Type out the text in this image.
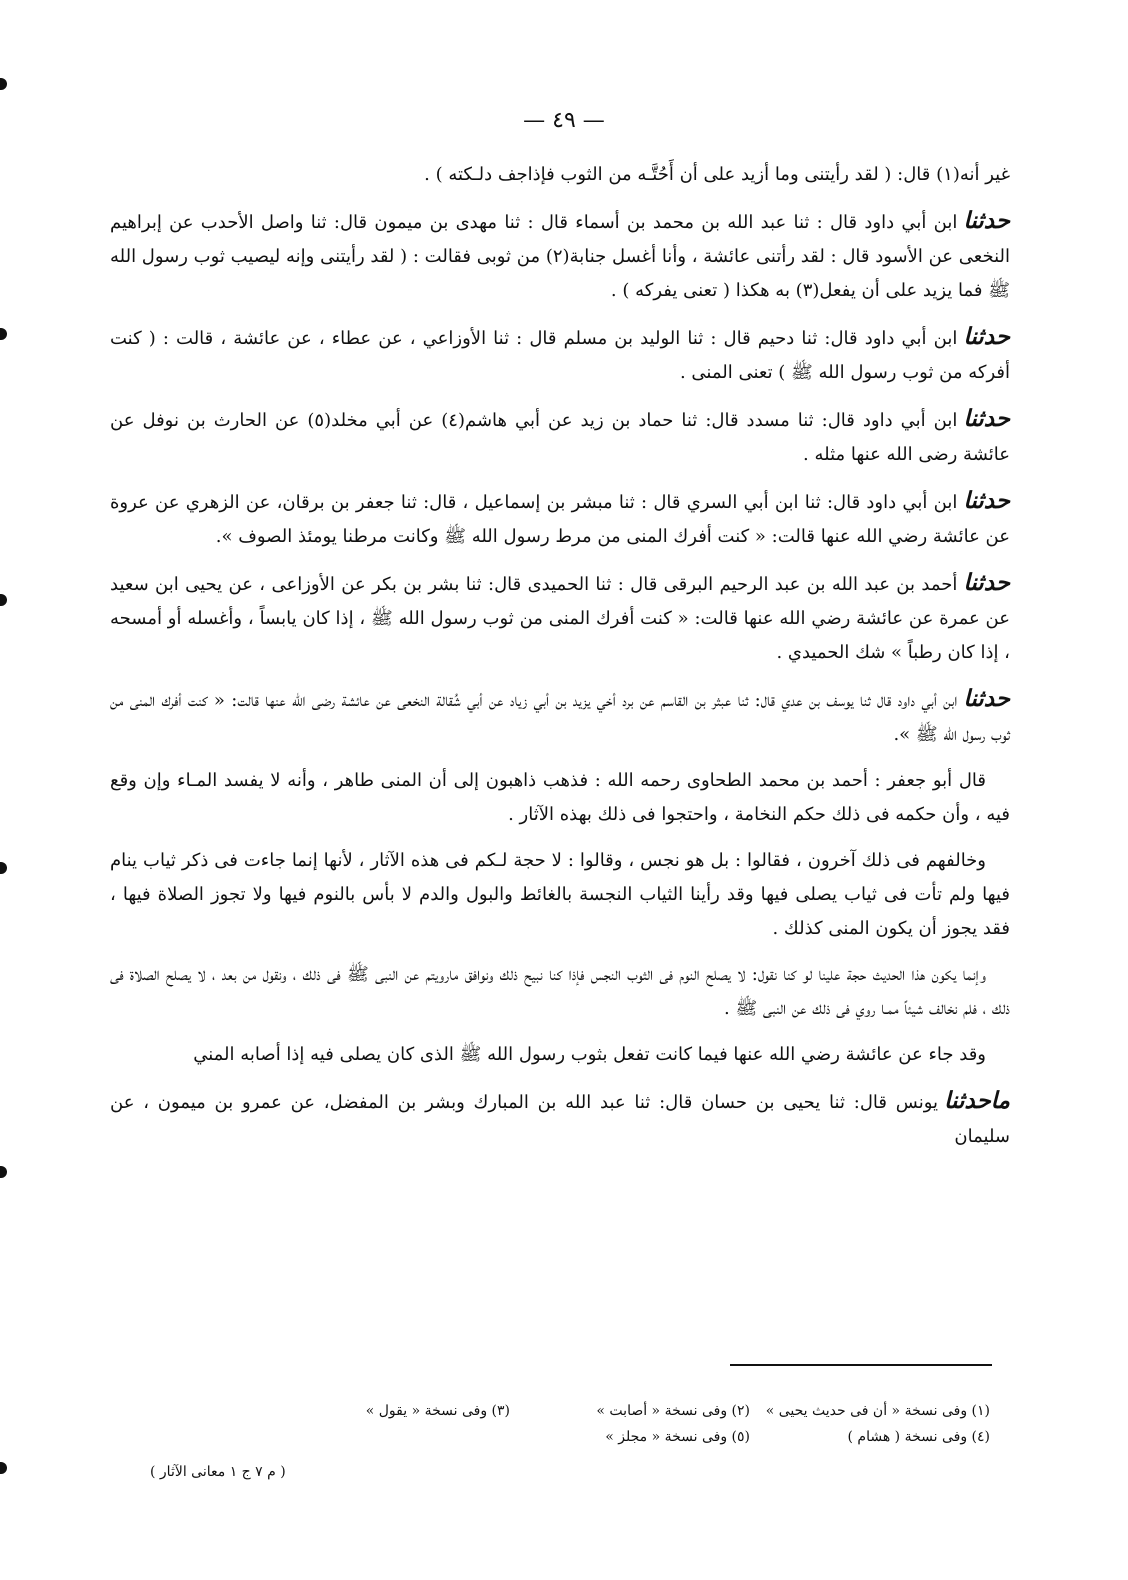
— ٤٩ —

غير أنه(١) قال: ( لقد رأيتنى وما أزيد على أن أَحُتَّـه من الثوب فإذاجف دلـكته ) .

حدثناابن أبي داود قال : ثنا عبد الله بن محمد بن أسماء قال : ثنا مهدى بن ميمون قال: ثنا واصل الأحدب عن إبراهيم النخعى عن الأسود قال : لقد رأتنى عائشة ، وأنا أغسل جنابة(٢) من ثوبى فقالت : ( لقد رأيتنى وإنه ليصيب ثوب رسول الله ﷺ فما يزيد على أن يفعل(٣) به هكذا ( تعنى يفركه ) .

حدثناابن أبي داود قال: ثنا دحيم قال : ثنا الوليد بن مسلم قال : ثنا الأوزاعي ، عن عطاء ، عن عائشة ، قالت : ( كنت أفركه من ثوب رسول الله ﷺ ) تعنى المنى .

حدثناابن أبي داود قال: ثنا مسدد قال: ثنا حماد بن زيد عن أبي هاشم(٤) عن أبي مخلد(٥) عن الحارث بن نوفل عن عائشة رضى الله عنها مثله .

حدثناابن أبي داود قال: ثنا ابن أبي السري قال : ثنا مبشر بن إسماعيل ، قال: ثنا جعفر بن برقان، عن الزهري عن عروة عن عائشة رضي الله عنها قالت: « كنت أفرك المنى من مرط رسول الله ﷺ وكانت مرطنا يومئذ الصوف ».

حدثناأحمد بن عبد الله بن عبد الرحيم البرقى قال : ثنا الحميدى قال: ثنا بشر بن بكر عن الأوزاعى ، عن يحيى ابن سعيد عن عمرة عن عائشة رضي الله عنها قالت: « كنت أفرك المنى من ثوب رسول الله ﷺ ، إذا كان يابساً ، وأغسله أو أمسحه ، إذا كان رطباً » شك الحميدي .

حدثناابن أبي داود قال ثنا يوسف بن عدي قال: ثنا عبثر بن القاسم عن برد أخي يزيد بن أبي زياد عن أبي شُقالة النخعى عن عائشة رضى الله عنها قالت: « كنت أفرك المنى من ثوب رسول الله ﷺ ».

قال أبو جعفر : أحمد بن محمد الطحاوى رحمه الله : فذهب ذاهبون إلى أن المنى طاهر ، وأنه لا يفسد المـاء وإن وقع فيه ، وأن حكمه فى ذلك حكم النخامة ، واحتجوا فى ذلك بهذه الآثار .

وخالفهم فى ذلك آخرون ، فقالوا : بل هو نجس ، وقالوا : لا حجة لـكم فى هذه الآثار ، لأنها إنما جاءت فى ذكر ثياب ينام فيها ولم تأت فى ثياب يصلى فيها وقد رأينا الثياب النجسة بالغائط والبول والدم لا بأس بالنوم فيها ولا تجوز الصلاة فيها ، فقد يجوز أن يكون المنى كذلك .

وإنما يكون هذا الحديث حجة علينا لو كنا نقول: لا يصلح النوم فى الثوب النجس فإذا كنا نبيح ذلك ونوافق مارويتم عن النبى ﷺ فى ذلك ، ونقول من بعد ، لا يصلح الصلاة فى ذلك ، فلم نخالف شيئاً ممـا روي فى ذلك عن النبى ﷺ .

وقد جاء عن عائشة رضي الله عنها فيما كانت تفعل بثوب رسول الله ﷺ الذى كان يصلى فيه إذا أصابه المني

ماحدثنايونس قال: ثنا يحيى بن حسان قال: ثنا عبد الله بن المبارك وبشر بن المفضل، عن عمرو بن ميمون ، عن سليمان

(١) وفى نسخة « أن فى حديث يحيى »
(٢) وفى نسخة « أصابت »
(٣) وفى نسخة « يقول »
(٤) وفى نسخة ( هشام )
(٥) وفى نسخة « مجلز »
( م ٧ ج ١ معانى الآثار )
